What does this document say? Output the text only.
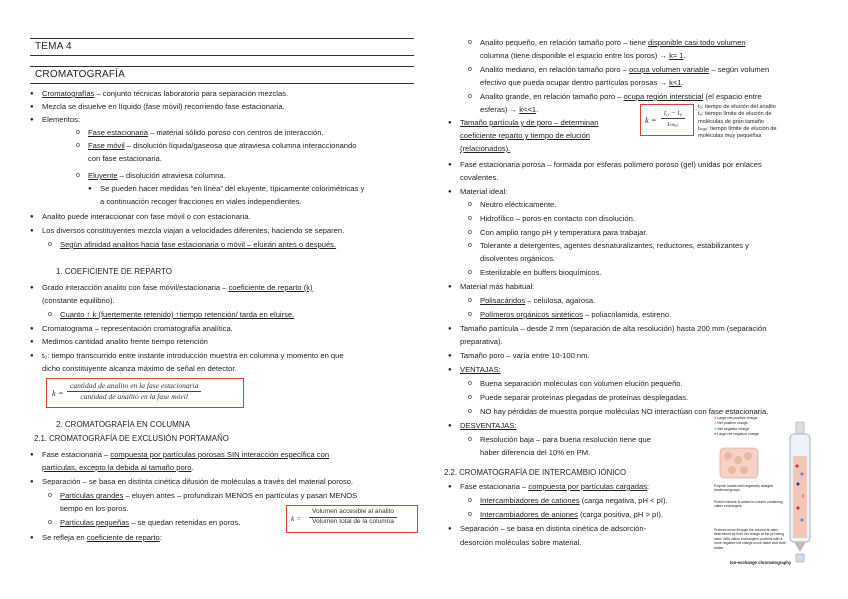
TEMA 4
CROMATOGRAFÍA
● Cromatografías – conjunto técnicas laboratorio para separación mezclas.
● Mezcla se disuelve en líquido (fase móvil) recorriendo fase estacionaria.
● Elementos:
o Fase estacionaria – material sólido poroso con centros de interacción.
o Fase móvil – disolución líquida/gaseosa que atraviesa columna interaccionando
con fase estacionaria.
o Eluyente – disolución atraviesa columna.
● Se pueden hacer medidas “en línea” del eluyente, típicamente colorimétricas y
a continuación recoger fracciones en viales independientes.
● Analito puede interaccionar con fase móvil o con estacionaria.
● Los diversos constituyentes mezcla viajan a velocidades diferentes, haciendo se separen.
o Según afinidad analitos hacia fase estacionaria o móvil – eluirán antes o después.
1. COEFICIENTE DE REPARTO
● Grado interacción analito con fase móvil/estacionaria – coeficiente de reparto (k)
(constante equilibrio).
o Cuanto ↑ k (fuertemente retenido) ↑tiempo retención/ tarda en eluirse.
● Cromatograma – representación cromatografía analítica.
● Medimos cantidad analito frente tiempo retención
● t₀: tiempo transcurrido entre instante introducción muestra en columna y momento en que
dicho constituyente alcanza máximo de señal en detector.
k =
cantidad de analito en la fase estacionaria
cantidad de analito en la fase móvil
2. CROMATOGRAFÍA EN COLUMNA
2.1. CROMATOGRAFÍA DE EXCLUSIÓN PORTAMAÑO
● Fase estacionaria – compuesta por partículas porosas SIN interacción específica con
partículas, excepto la debida al tamaño poro.
● Separación – se basa en distinta cinética difusión de moléculas a través del material poroso.
o Partículas grandes – eluyen antes – profundizan MENOS en partículas y pasan MENOS
tiempo en los poros.
o Partículas pequeñas – se quedan retenidas en poros.
● Se refleja en coeficiente de reparto:
k =
Volumen accesible al analito
Volumen total de la columna
o Analito pequeño, en relación tamaño poro – tiene disponible casi todo volumen
columna (tiene disponible el espacio entre los poros) → k≈ 1.
o Analito mediano, en relación tamaño poro – ocupa volumen variable – según volumen
efectivo que pueda ocupar dentro partículas porosas → k<1.
o Analito grande, en relación tamaño poro – ocupa región intersticial (el espacio entre
esferas) → k<<1.
● Tamaño partícula y de poro – determinan
coeficiente reparto y tiempo de elución
(relacionados).
k =
t₀ − t₀
tₘₐₓ
t₀: tiempo de elución del analito
t₀: tiempo límite de elución de
moléculas de gran tamaño
tₘₐₓ: tiempo límite de elución de
moléculas muy pequeñas
● Fase estacionaria porosa – formada por esferas polímero poroso (gel) unidas por enlaces
covalentes.
● Material ideal:
o Neutro eléctricamente.
o Hidrofílico – poros en contacto con disolución.
o Con amplio rango pH y temperatura para trabajar.
o Tolerante a detergentes, agentes desnaturalizantes, reductores, estabilizantes y
disolventes orgánicos.
o Esterilizable en buffers bioquímicos.
● Material más habitual:
o Polisacáridos – celulosa, agarosa.
o Polímeros orgánicos sintéticos – poliacrilamida, estireno.
● Tamaño partícula – desde 2 mm (separación de alta resolución) hasta 200 mm (separación
preparativa).
● Tamaño poro – varía entre 10-100 nm.
● VENTAJAS:
o Buena separación moléculas con volumen elución pequeño.
o Puede separar proteínas plegadas de proteínas desplegadas.
o NO hay pérdidas de muestra porque moléculas NO interactúan con fase estacionaria.
● DESVENTAJAS:
o Resolución baja – para buena resolución tiene que
haber diferencia del 10% en PM.
2.2. CROMATOGRAFÍA DE INTERCAMBIO IÓNICO
● Fase estacionaria – compuesta por partículas cargadas:
o Intercambiadores de cationes (carga negativa, pH < pI).
o Intercambiadores de aniones (carga positiva, pH > pI).
● Separación – se basa en distinta cinética de adsorción-
desorción moléculas sobre material.
● Large net positive charge
● Net positive charge
● Net negative charge
● Large net negative charge
Polymer beads with negatively charged functional groups
Protein mixture is added to column containing cation exchangers
Proteins move through the column at rates determined by their net charge at the pH being used. With cation exchangers, proteins with a more negative net charge move faster and elute earlier.
Ion-exchange chromatography
